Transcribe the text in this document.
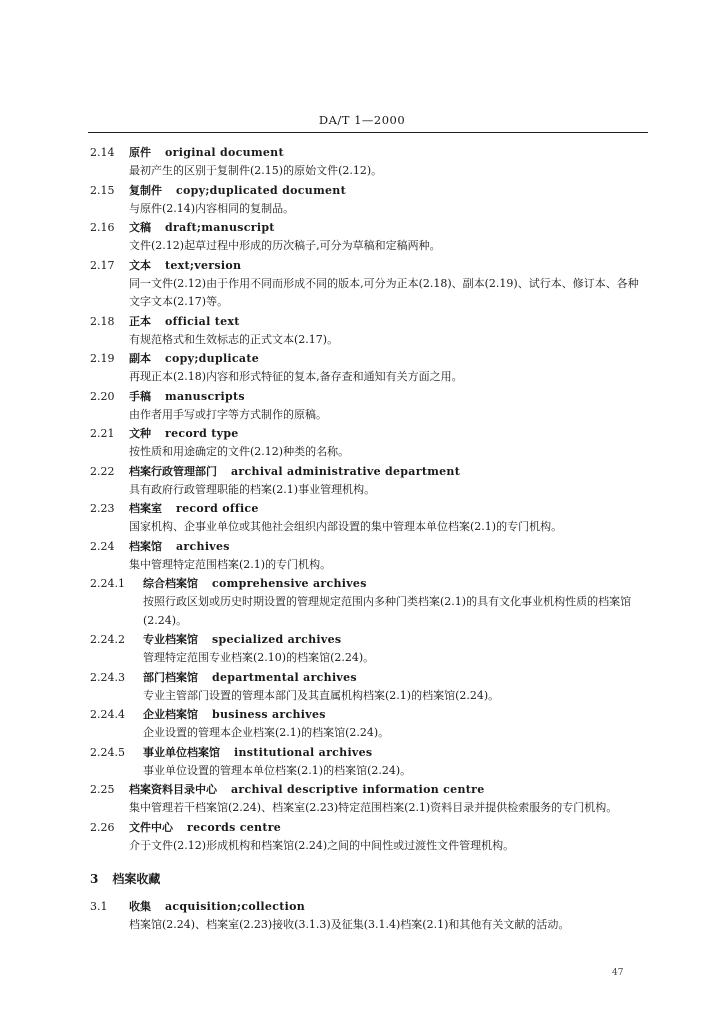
DA/T 1—2000
2.14 原件 original document
最初产生的区别于复制件(2.15)的原始文件(2.12)。
2.15 复制件 copy;duplicated document
与原件(2.14)内容相同的复制品。
2.16 文稿 draft;manuscript
文件(2.12)起草过程中形成的历次稿子,可分为草稿和定稿两种。
2.17 文本 text;version
同一文件(2.12)由于作用不同而形成不同的版本,可分为正本(2.18)、副本(2.19)、试行本、修订本、各种文字文本(2.17)等。
2.18 正本 official text
有规范格式和生效标志的正式文本(2.17)。
2.19 副本 copy;duplicate
再现正本(2.18)内容和形式特征的复本,备存查和通知有关方面之用。
2.20 手稿 manuscripts
由作者用手写或打字等方式制作的原稿。
2.21 文种 record type
按性质和用途确定的文件(2.12)种类的名称。
2.22 档案行政管理部门 archival administrative department
具有政府行政管理职能的档案(2.1)事业管理机构。
2.23 档案室 record office
国家机构、企事业单位或其他社会组织内部设置的集中管理本单位档案(2.1)的专门机构。
2.24 档案馆 archives
集中管理特定范围档案(2.1)的专门机构。
2.24.1 综合档案馆 comprehensive archives
按照行政区划或历史时期设置的管理规定范围内多种门类档案(2.1)的具有文化事业机构性质的档案馆(2.24)。
2.24.2 专业档案馆 specialized archives
管理特定范围专业档案(2.10)的档案馆(2.24)。
2.24.3 部门档案馆 departmental archives
专业主管部门设置的管理本部门及其直属机构档案(2.1)的档案馆(2.24)。
2.24.4 企业档案馆 business archives
企业设置的管理本企业档案(2.1)的档案馆(2.24)。
2.24.5 事业单位档案馆 institutional archives
事业单位设置的管理本单位档案(2.1)的档案馆(2.24)。
2.25 档案资料目录中心 archival descriptive information centre
集中管理若干档案馆(2.24)、档案室(2.23)特定范围档案(2.1)资料目录并提供检索服务的专门机构。
2.26 文件中心 records centre
介于文件(2.12)形成机构和档案馆(2.24)之间的中间性或过渡性文件管理机构。
3 档案收藏
3.1 收集 acquisition;collection
档案馆(2.24)、档案室(2.23)接收(3.1.3)及征集(3.1.4)档案(2.1)和其他有关文献的活动。
47
